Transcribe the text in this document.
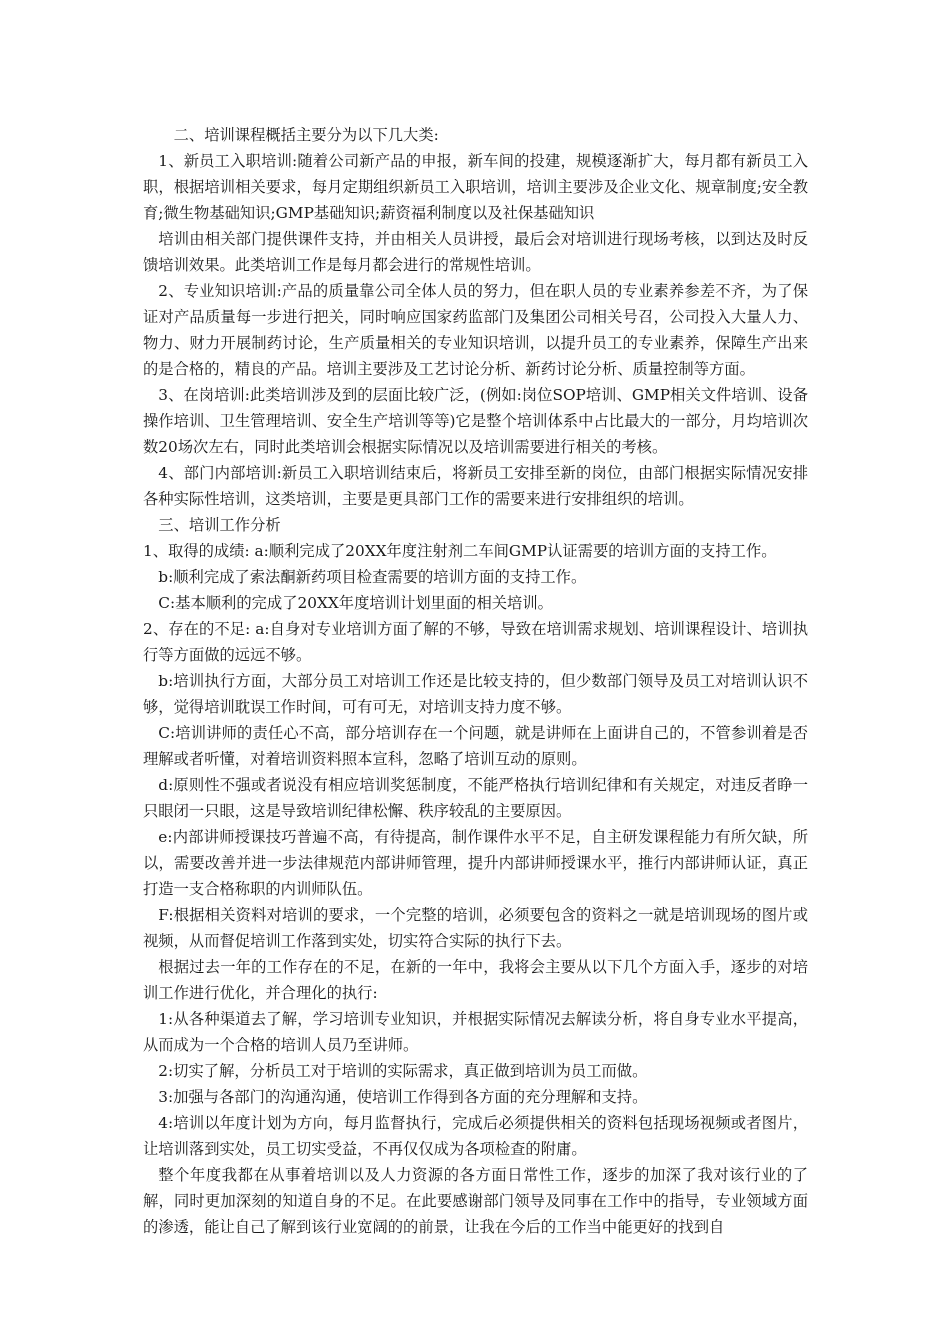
二、培训课程概括主要分为以下几大类:

1、新员工入职培训:随着公司新产品的申报，新车间的投建，规模逐渐扩大，每月都有新员工入职，根据培训相关要求，每月定期组织新员工入职培训，培训主要涉及企业文化、规章制度;安全教育;微生物基础知识;GMP基础知识;薪资福利制度以及社保基础知识

培训由相关部门提供课件支持，并由相关人员讲授，最后会对培训进行现场考核，以到达及时反馈培训效果。此类培训工作是每月都会进行的常规性培训。

2、专业知识培训:产品的质量靠公司全体人员的努力，但在职人员的专业素养参差不齐，为了保证对产品质量每一步进行把关，同时响应国家药监部门及集团公司相关号召，公司投入大量人力、物力、财力开展制药讨论，生产质量相关的专业知识培训，以提升员工的专业素养，保障生产出来的是合格的，精良的产品。培训主要涉及工艺讨论分析、新药讨论分析、质量控制等方面。

3、在岗培训:此类培训涉及到的层面比较广泛，(例如:岗位SOP培训、GMP相关文件培训、设备操作培训、卫生管理培训、安全生产培训等等)它是整个培训体系中占比最大的一部分，月均培训次数20场次左右，同时此类培训会根据实际情况以及培训需要进行相关的考核。

4、部门内部培训:新员工入职培训结束后，将新员工安排至新的岗位，由部门根据实际情况安排各种实际性培训，这类培训，主要是更具部门工作的需要来进行安排组织的培训。

三、培训工作分析

1、取得的成绩: a:顺利完成了20XX年度注射剂二车间GMP认证需要的培训方面的支持工作。

b:顺利完成了索法酮新药项目检查需要的培训方面的支持工作。

C:基本顺利的完成了20XX年度培训计划里面的相关培训。

2、存在的不足: a:自身对专业培训方面了解的不够，导致在培训需求规划、培训课程设计、培训执行等方面做的远远不够。

b:培训执行方面，大部分员工对培训工作还是比较支持的，但少数部门领导及员工对培训认识不够，觉得培训耽误工作时间，可有可无，对培训支持力度不够。

C:培训讲师的责任心不高，部分培训存在一个问题，就是讲师在上面讲自己的，不管参训着是否理解或者听懂，对着培训资料照本宣科，忽略了培训互动的原则。

d:原则性不强或者说没有相应培训奖惩制度，不能严格执行培训纪律和有关规定，对违反者睁一只眼闭一只眼，这是导致培训纪律松懈、秩序较乱的主要原因。

e:内部讲师授课技巧普遍不高，有待提高，制作课件水平不足，自主研发课程能力有所欠缺，所以，需要改善并进一步法律规范内部讲师管理，提升内部讲师授课水平，推行内部讲师认证，真正打造一支合格称职的内训师队伍。

F:根据相关资料对培训的要求，一个完整的培训，必须要包含的资料之一就是培训现场的图片或视频，从而督促培训工作落到实处，切实符合实际的执行下去。

根据过去一年的工作存在的不足，在新的一年中，我将会主要从以下几个方面入手，逐步的对培训工作进行优化，并合理化的执行:

1:从各种渠道去了解，学习培训专业知识，并根据实际情况去解读分析，将自身专业水平提高，从而成为一个合格的培训人员乃至讲师。

2:切实了解，分析员工对于培训的实际需求，真正做到培训为员工而做。

3:加强与各部门的沟通沟通，使培训工作得到各方面的充分理解和支持。

4:培训以年度计划为方向，每月监督执行，完成后必须提供相关的资料包括现场视频或者图片，让培训落到实处，员工切实受益，不再仅仅成为各项检查的附庸。

整个年度我都在从事着培训以及人力资源的各方面日常性工作，逐步的加深了我对该行业的了解，同时更加深刻的知道自身的不足。在此要感谢部门领导及同事在工作中的指导，专业领域方面的渗透，能让自己了解到该行业宽阔的的前景，让我在今后的工作当中能更好的找到自
